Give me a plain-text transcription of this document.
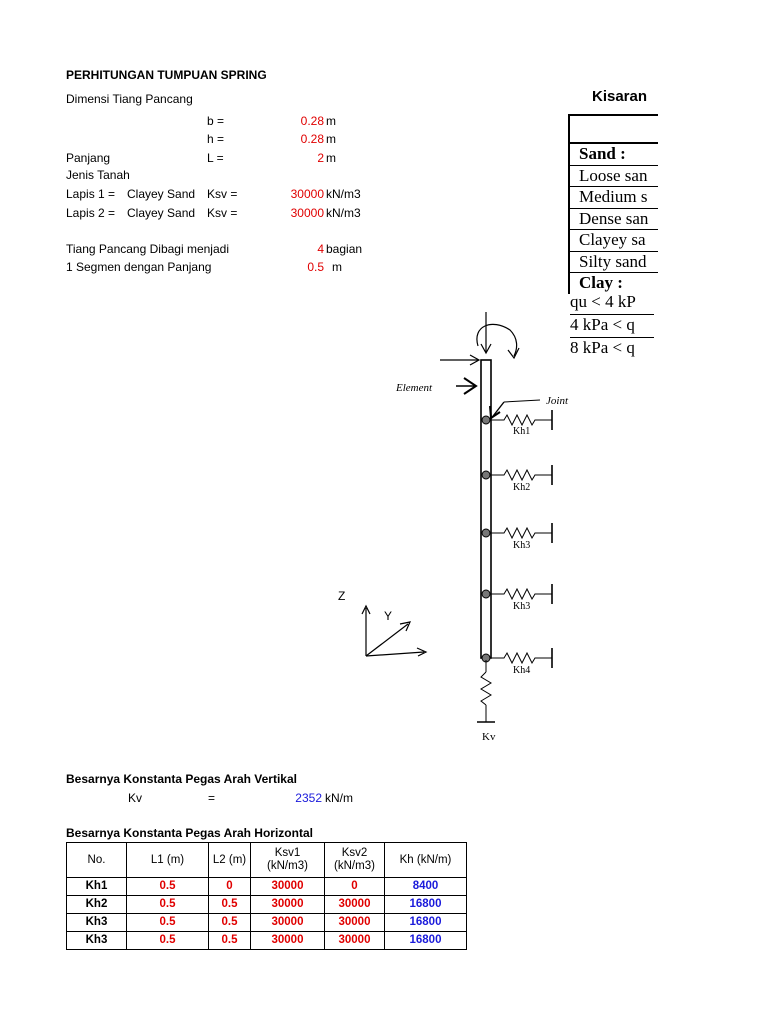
PERHITUNGAN TUMPUAN SPRING
Dimensi Tiang Pancang
b =	0.28 m
h =	0.28 m
Panjang	L =	2 m
Jenis Tanah
Lapis 1 = Clayey Sand Ksv =	30000 kN/m3
Lapis 2 = Clayey Sand Ksv =	30000 kN/m3
Tiang Pancang Dibagi menjadi	4 bagian
1 Segmen dengan Panjang	0.5 m
Kisaran
Sand :
Loose san
Medium s
Dense san
Clayey sa
Silty sand
Clay :
qu < 4 kP
4 kPa < q
8 kPa < q
Element
Joint
Kh1
Kh2
Kh3
Kh3
Kh4
Kv
Z
Y
Besarnya Konstanta Pegas Arah Vertikal
Kv	=	2352 kN/m
Besarnya Konstanta Pegas Arah Horizontal
No.	L1 (m)	L2 (m)	Ksv1
(kN/m3)	Ksv2
(kN/m3)	Kh (kN/m)
Kh1	0.5	0	30000	0	8400
Kh2	0.5	0.5	30000	30000	16800
Kh3	0.5	0.5	30000	30000	16800
Kh3	0.5	0.5	30000	30000	16800
